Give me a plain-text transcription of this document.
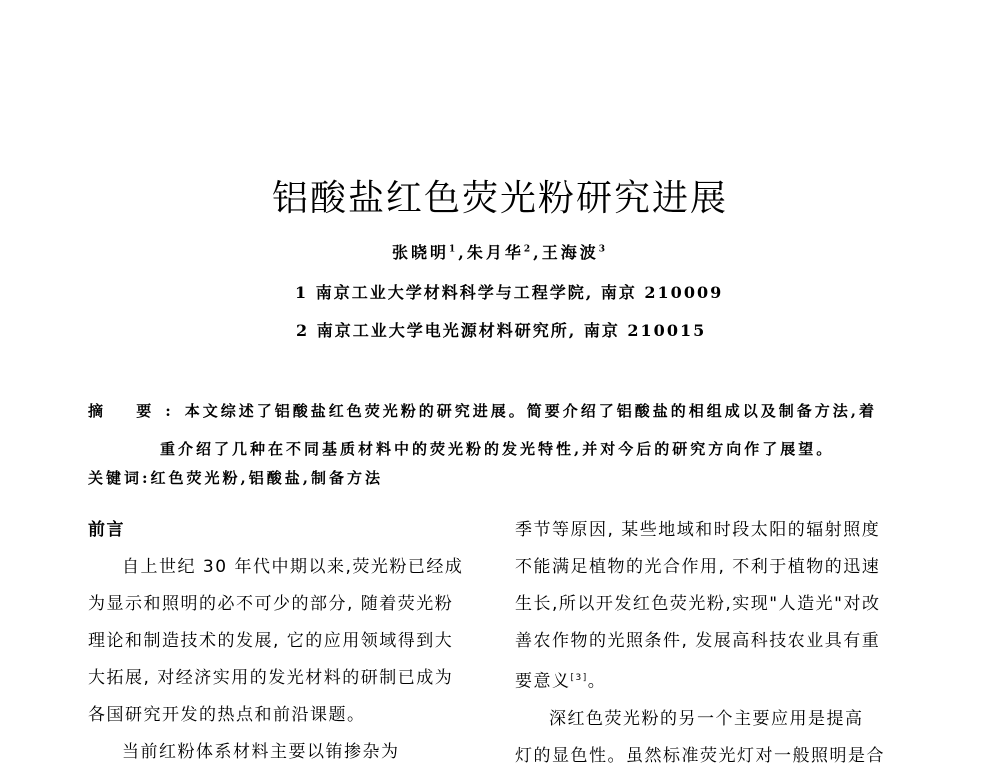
铝酸盐红色荧光粉研究进展
张晓明$^1$,朱月华$^2$,王海波$^3$
1 南京工业大学材料科学与工程学院, 南京 210009
2 南京工业大学电光源材料研究所, 南京 210015
摘 要:本文综述了铝酸盐红色荧光粉的研究进展。简要介绍了铝酸盐的相组成以及制备方法,着
重介绍了几种在不同基质材料中的荧光粉的发光特性,并对今后的研究方向作了展望。
关键词:红色荧光粉,铝酸盐,制备方法
前言
自上世纪 30 年代中期以来,荧光粉已经成
为显示和照明的必不可少的部分, 随着荧光粉
理论和制造技术的发展, 它的应用领域得到大
大拓展, 对经济实用的发光材料的研制已成为
各国研究开发的热点和前沿课题。
当前红粉体系材料主要以铕掺杂为
季节等原因, 某些地域和时段太阳的辐射照度
不能满足植物的光合作用, 不利于植物的迅速
生长,所以开发红色荧光粉,实现"人造光"对改
善农作物的光照条件, 发展高科技农业具有重
要意义[3]。
深红色荧光粉的另一个主要应用是提高
灯的显色性。虽然标准荧光灯对一般照明是合
